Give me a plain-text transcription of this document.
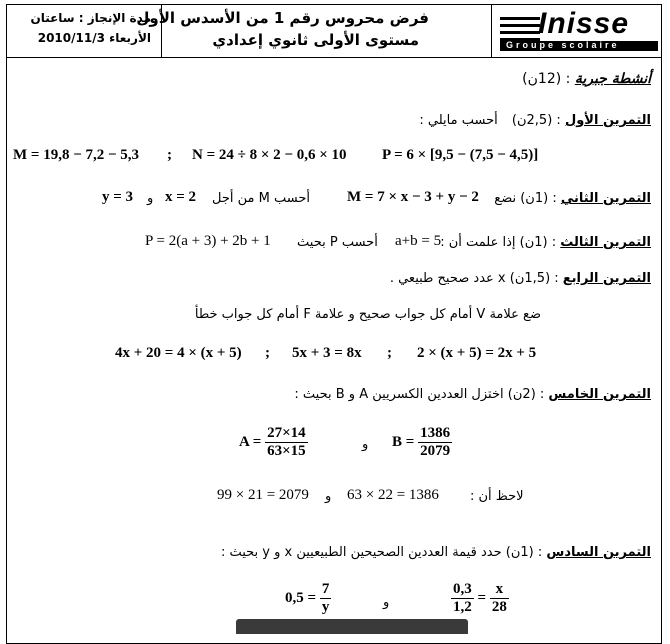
مدة الإنجاز : ساعتان
الأربعاء 2010/11/3
فرض محروس رقم 1 من الأسدس الأول
مستوى الأولى ثانوي إعدادي	Inisse
Groupe scolaire
أنشطة جبرية : (12ن)
التمرين الأول : (2,5ن) أحسب مايلي :
M = 19,8 − 7,2 − 5,3 ; N = 24 ÷ 8 × 2 − 0,6 × 10 P = 6 × [9,5 − (7,5 − 4,5)]
التمرين الثاني : (1ن) نضع
M = 7 × x − 3 + y − 2
أحسب M من أجل
x = 2
و
y = 3
التمرين الثالث : (1ن) إذا علمت أن :
a+b = 5
أحسب P بحيث
P = 2(a + 3) + 2b + 1
التمرين الرابع : (1,5ن) x عدد صحيح طبيعي .
ضع علامة V أمام كل جواب صحيح و علامة F أمام كل جواب خطأ
4x + 20 = 4 × (x + 5) ; 5x + 3 = 8x ; 2 × (x + 5) = 2x + 5
التمرين الخامس : (2ن) اختزل العددين الكسريين A و B بحيث :
$A = \frac{27\times 14}{63\times 15}$	و $B = \frac{1386}{2079}$
لاحظ أن :
63 × 22 = 1386
و
99 × 21 = 2079
التمرين السادس : (1ن) حدد قيمة العددين الصحيحين الطبيعيين x و y بحيث :
$0,5 = \frac{7}{y}$	و	$\frac{0,3}{1,2} = \frac{x}{28}$
